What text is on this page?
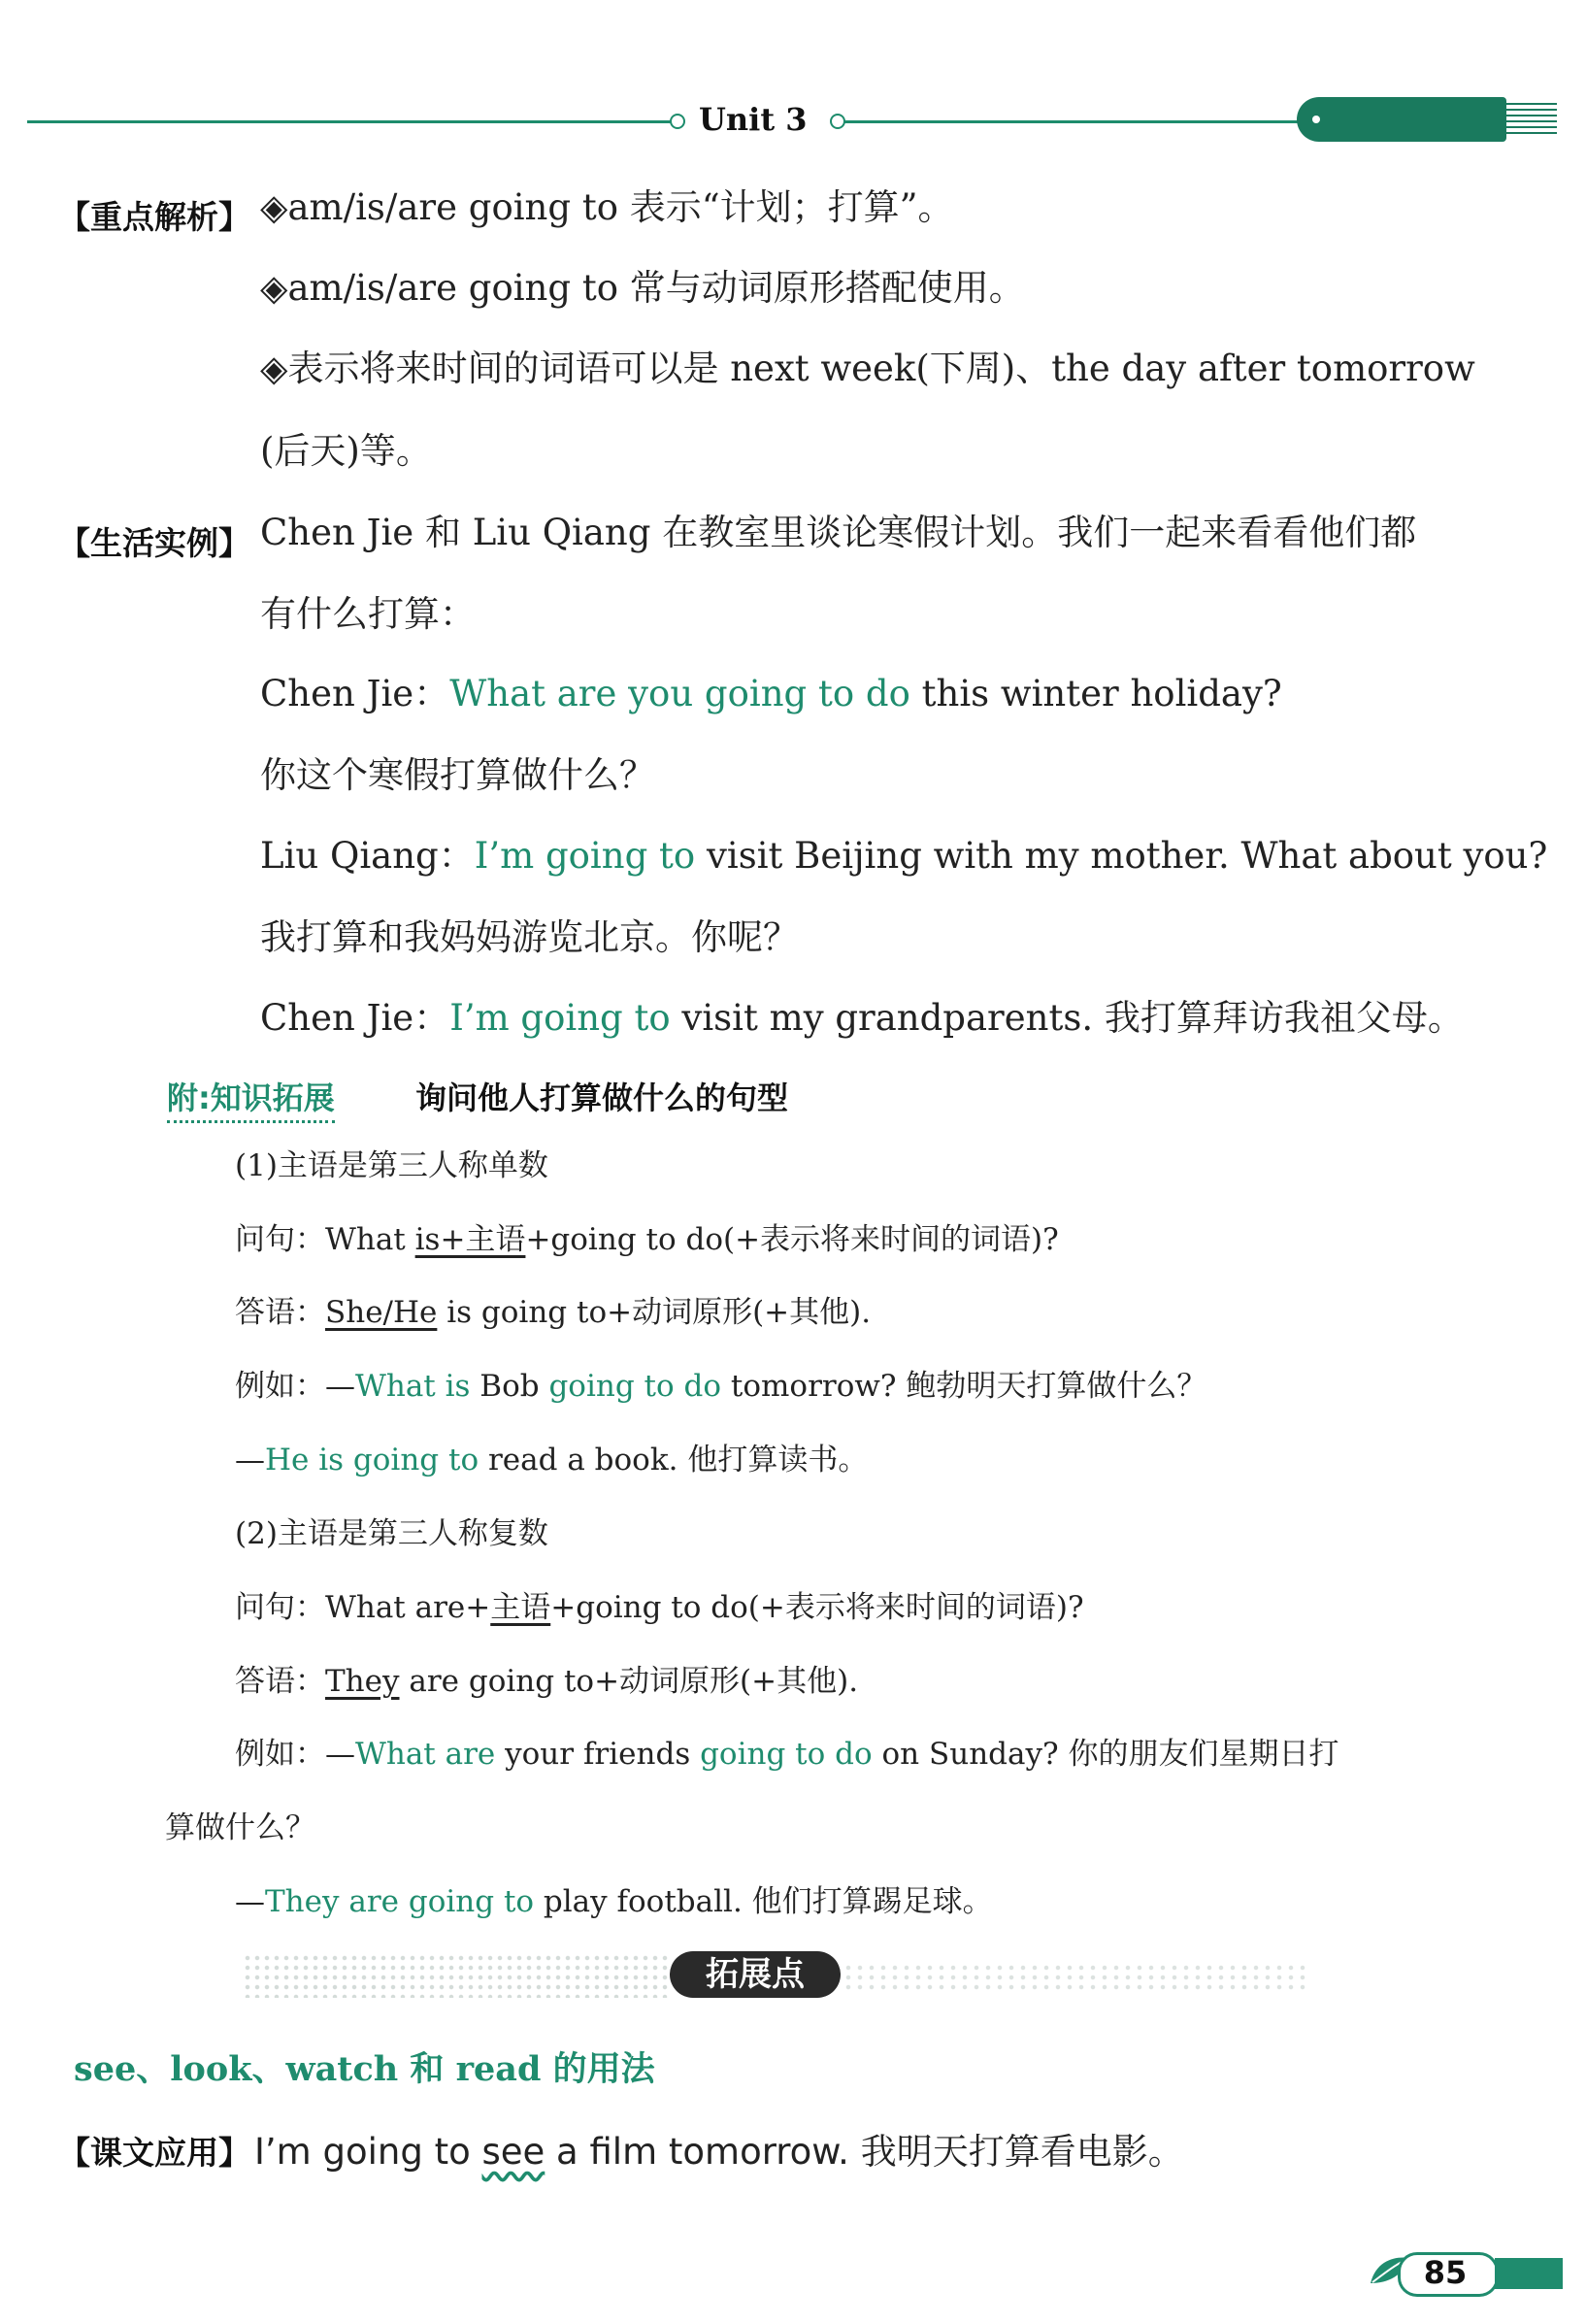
Unit 3
【重点解析】 ◈am/is/are going to 表示“计划；打算”。
◈am/is/are going to 常与动词原形搭配使用。
◈表示将来时间的词语可以是 next week(下周)、the day after tomorrow
(后天)等。
【生活实例】 Chen Jie 和 Liu Qiang 在教室里谈论寒假计划。我们一起来看看他们都
有什么打算：
Chen Jie：What are you going to do this winter holiday?
你这个寒假打算做什么？
Liu Qiang：I’m going to visit Beijing with my mother. What about you?
我打算和我妈妈游览北京。你呢？
Chen Jie：I’m going to visit my grandparents. 我打算拜访我祖父母。
附:知识拓展	询问他人打算做什么的句型
(1)主语是第三人称单数
问句：What is+主语+going to do(+表示将来时间的词语)?
答语：She/He is going to+动词原形(+其他).
例如：—What is Bob going to do tomorrow? 鲍勃明天打算做什么？
—He is going to read a book. 他打算读书。
(2)主语是第三人称复数
问句：What are+主语+going to do(+表示将来时间的词语)?
答语：They are going to+动词原形(+其他).
例如：—What are your friends going to do on Sunday? 你的朋友们星期日打
算做什么？
—They are going to play football. 他们打算踢足球。
拓展点
see、look、watch 和 read 的用法
【课文应用】 I’m going to see a film tomorrow. 我明天打算看电影。
85
